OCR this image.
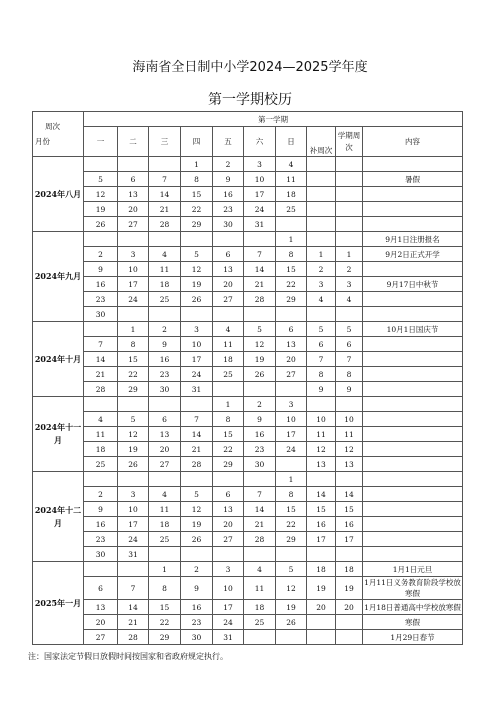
海南省全日制中小学2024—2025学年度
第一学期校历
周次
月份	第一学期									
	一	二	三	四	五	六	日	补周次	学期周次	内容
2024年八月				1	2	3	4			
	5	6	7	8	9	10	11			暑假
	12	13	14	15	16	17	18			
	19	20	21	22	23	24	25			
	26	27	28	29	30	31				
2024年九月							1			9月1日注册报名
	2	3	4	5	6	7	8	1	1	9月2日正式开学
	9	10	11	12	13	14	15	2	2	
	16	17	18	19	20	21	22	3	3	9月17日中秋节
	23	24	25	26	27	28	29	4	4	
	30									
2024年十月		1	2	3	4	5	6	5	5	10月1日国庆节
	7	8	9	10	11	12	13	6	6	
	14	15	16	17	18	19	20	7	7	
	21	22	23	24	25	26	27	8	8	
	28	29	30	31				9	9	
2024年十一月					1	2	3			
	4	5	6	7	8	9	10	10	10	
	11	12	13	14	15	16	17	11	11	
	18	19	20	21	22	23	24	12	12	
	25	26	27	28	29	30		13	13	
2024年十二月							1			
	2	3	4	5	6	7	8	14	14	
	9	10	11	12	13	14	15	15	15	
	16	17	18	19	20	21	22	16	16	
	23	24	25	26	27	28	29	17	17	
	30	31								
2025年一月			1	2	3	4	5	18	18	1月1日元旦
	6	7	8	9	10	11	12	19	19	1月11日义务教育阶段学校放寒假
	13	14	15	16	17	18	19	20	20	1月18日普通高中学校放寒假
	20	21	22	23	24	25	26			寒假
	27	28	29	30	31					1月29日春节
注：国家法定节假日放假时间按国家和省政府规定执行。
